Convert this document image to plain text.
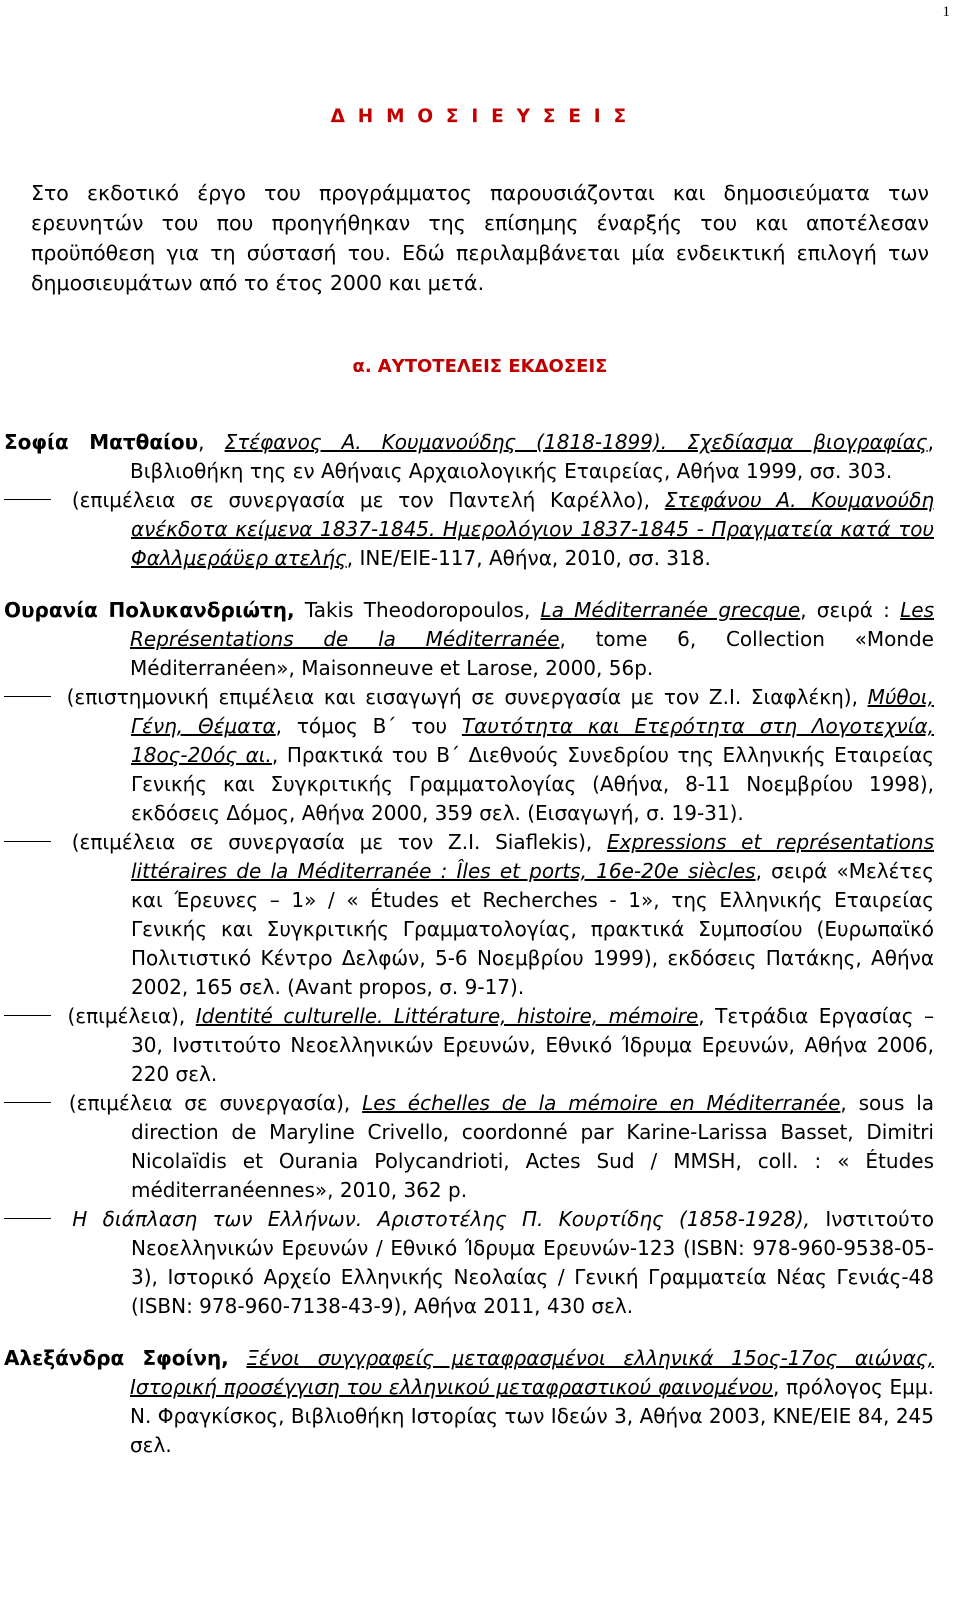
1
Δ Η Μ Ο Σ Ι Ε Υ Σ Ε Ι Σ

Στο εκδοτικό έργο του προγράμματος παρουσιάζονται και δημοσιεύματα των ερευνητών του που προηγήθηκαν της επίσημης έναρξής του και αποτέλεσαν προϋπόθεση για τη σύστασή του. Εδώ περιλαμβάνεται μία ενδεικτική επιλογή των δημοσιευμάτων από το έτος 2000 και μετά.

α. ΑΥΤΟΤΕΛΕΙΣ ΕΚΔΟΣΕΙΣ

Σοφία Ματθαίου, Στέφανος Α. Κουμανούδης (1818-1899). Σχεδίασμα βιογραφίας, Βιβλιοθήκη της εν Αθήναις Αρχαιολογικής Εταιρείας, Αθήνα 1999, σσ. 303.

(επιμέλεια σε συνεργασία με τον Παντελή Καρέλλο), Στεφάνου Α. Κουμανούδη ανέκδοτα κείμενα 1837-1845. Ημερολόγιον 1837-1845 - Πραγματεία κατά του Φαλλμεράϋερ ατελής, ΙΝΕ/ΕΙΕ-117, Αθήνα, 2010, σσ. 318.

Ουρανία Πολυκανδριώτη, Takis Theodoropoulos, La Méditerranée grecque, σειρά : Les Représentations de la Méditerranée, tome 6, Collection «Monde Méditerranéen», Maisonneuve et Larose, 2000, 56p.

(επιστημονική επιμέλεια και εισαγωγή σε συνεργασία με τον Ζ.Ι. Σιαφλέκη), Μύθοι, Γένη, Θέματα, τόμος Β΄ του Ταυτότητα και Ετερότητα στη Λογοτεχνία, 18ος-20ός αι., Πρακτικά του Β΄ Διεθνούς Συνεδρίου της Ελληνικής Εταιρείας Γενικής και Συγκριτικής Γραμματολογίας (Αθήνα, 8-11 Νοεμβρίου 1998), εκδόσεις Δόμος, Αθήνα 2000, 359 σελ. (Εισαγωγή, σ. 19-31).

(επιμέλεια σε συνεργασία με τον Z.I. Siaflekis), Expressions et représentations littéraires de la Méditerranée : Îles et ports, 16e-20e siècles, σειρά «Μελέτες και Έρευνες – 1» / « Études et Recherches - 1», της Ελληνικής Εταιρείας Γενικής και Συγκριτικής Γραμματολογίας, πρακτικά Συμποσίου (Ευρωπαϊκό Πολιτιστικό Κέντρο Δελφών, 5-6 Νοεμβρίου 1999), εκδόσεις Πατάκης, Αθήνα 2002, 165 σελ. (Avant propos, σ. 9-17).

(επιμέλεια), Identité culturelle. Littérature, histoire, mémoire, Τετράδια Εργασίας – 30, Ινστιτούτο Νεοελληνικών Ερευνών, Εθνικό Ίδρυμα Ερευνών, Αθήνα 2006, 220 σελ.

(επιμέλεια σε συνεργασία), Les échelles de la mémoire en Méditerranée, sous la direction de Maryline Crivello, coordonné par Karine-Larissa Basset, Dimitri Nicolaïdis et Ourania Polycandrioti, Actes Sud / MMSH, coll. : « Études méditerranéennes», 2010, 362 p.

Η διάπλαση των Ελλήνων. Αριστοτέλης Π. Κουρτίδης (1858-1928), Ινστιτούτο Νεοελληνικών Ερευνών / Εθνικό Ίδρυμα Ερευνών-123 (ISBN: 978-960-9538-05-3), Ιστορικό Αρχείο Ελληνικής Νεολαίας / Γενική Γραμματεία Νέας Γενιάς-48 (ISBN: 978-960-7138-43-9), Αθήνα 2011, 430 σελ.

Αλεξάνδρα Σφοίνη, Ξένοι συγγραφείς μεταφρασμένοι ελληνικά 15ος-17ος αιώνας, Ιστορική προσέγγιση του ελληνικού μεταφραστικού φαινομένου, πρόλογος Εμμ. Ν. Φραγκίσκος, Βιβλιοθήκη Ιστορίας των Ιδεών 3, Αθήνα 2003, ΚΝΕ/ΕΙΕ 84, 245 σελ.
